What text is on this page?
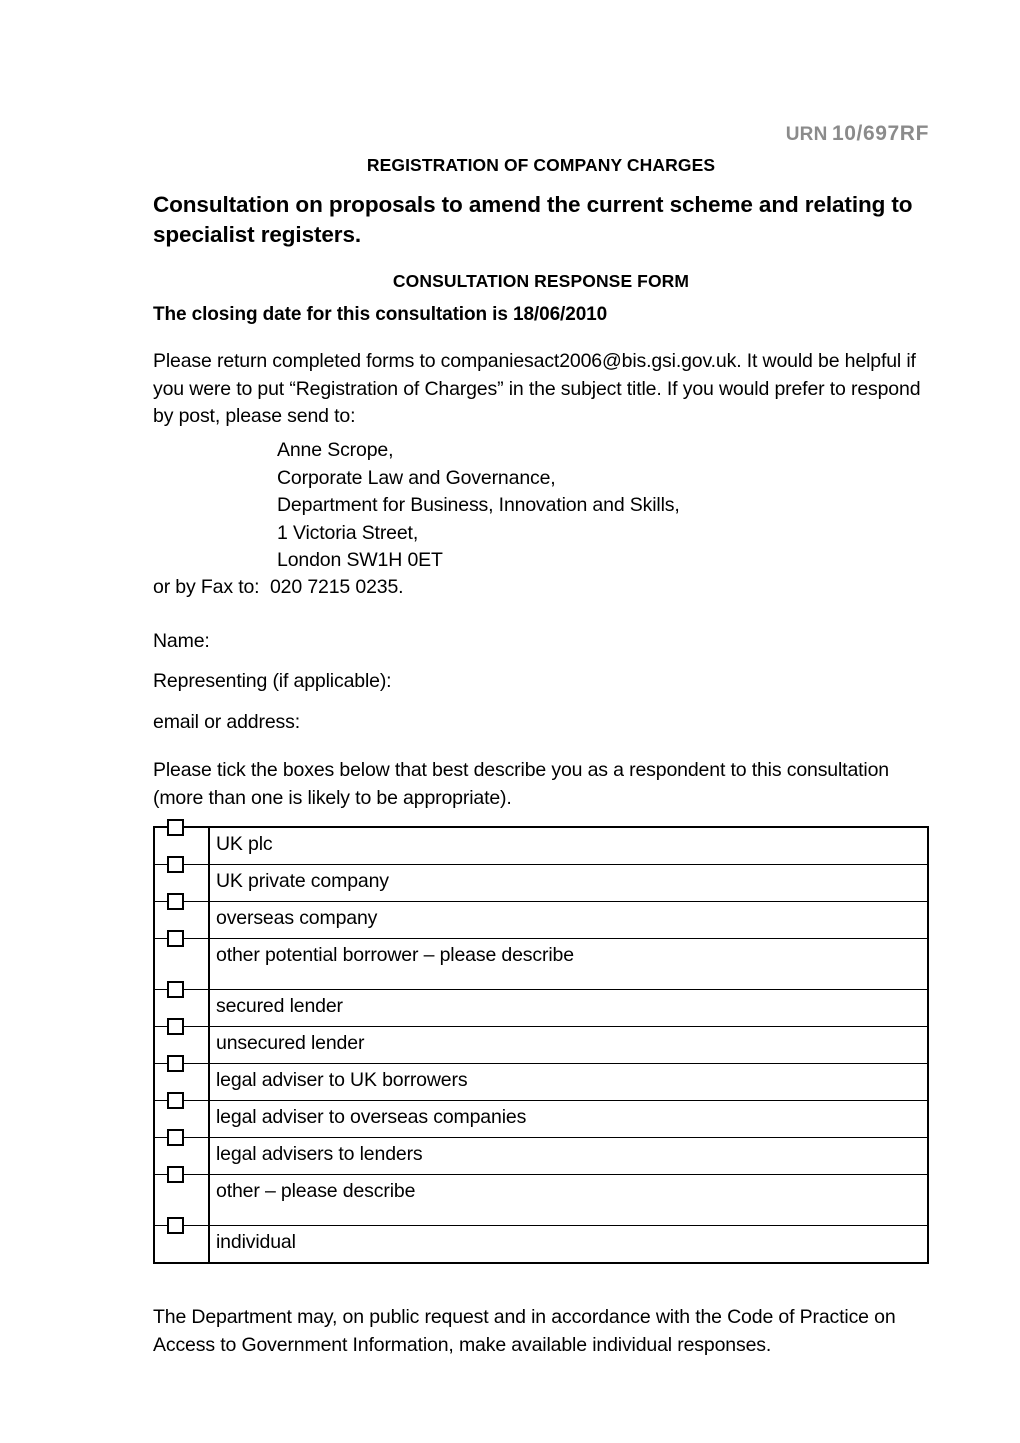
URN 10/697RF
REGISTRATION OF COMPANY CHARGES
Consultation on proposals to amend the current scheme and relating to specialist registers.
CONSULTATION RESPONSE FORM
The closing date for this consultation is 18/06/2010
Please return completed forms to companiesact2006@bis.gsi.gov.uk. It would be helpful if you were to put “Registration of Charges” in the subject title. If you would prefer to respond by post, please send to:
Anne Scrope,
Corporate Law and Governance,
Department for Business, Innovation and Skills,
1 Victoria Street,
London SW1H 0ET
or by Fax to:  020 7215 0235.
Name:
Representing (if applicable):
email or address:
Please tick the boxes below that best describe you as a respondent to this consultation (more than one is likely to be appropriate).
	UK plc

	UK private company

	overseas company

	other potential borrower – please describe

	secured lender

	unsecured lender

	legal adviser to UK borrowers

	legal adviser to overseas companies

	legal advisers to lenders

	other – please describe

	individual
The Department may, on public request and in accordance with the Code of Practice on Access to Government Information, make available individual responses.
